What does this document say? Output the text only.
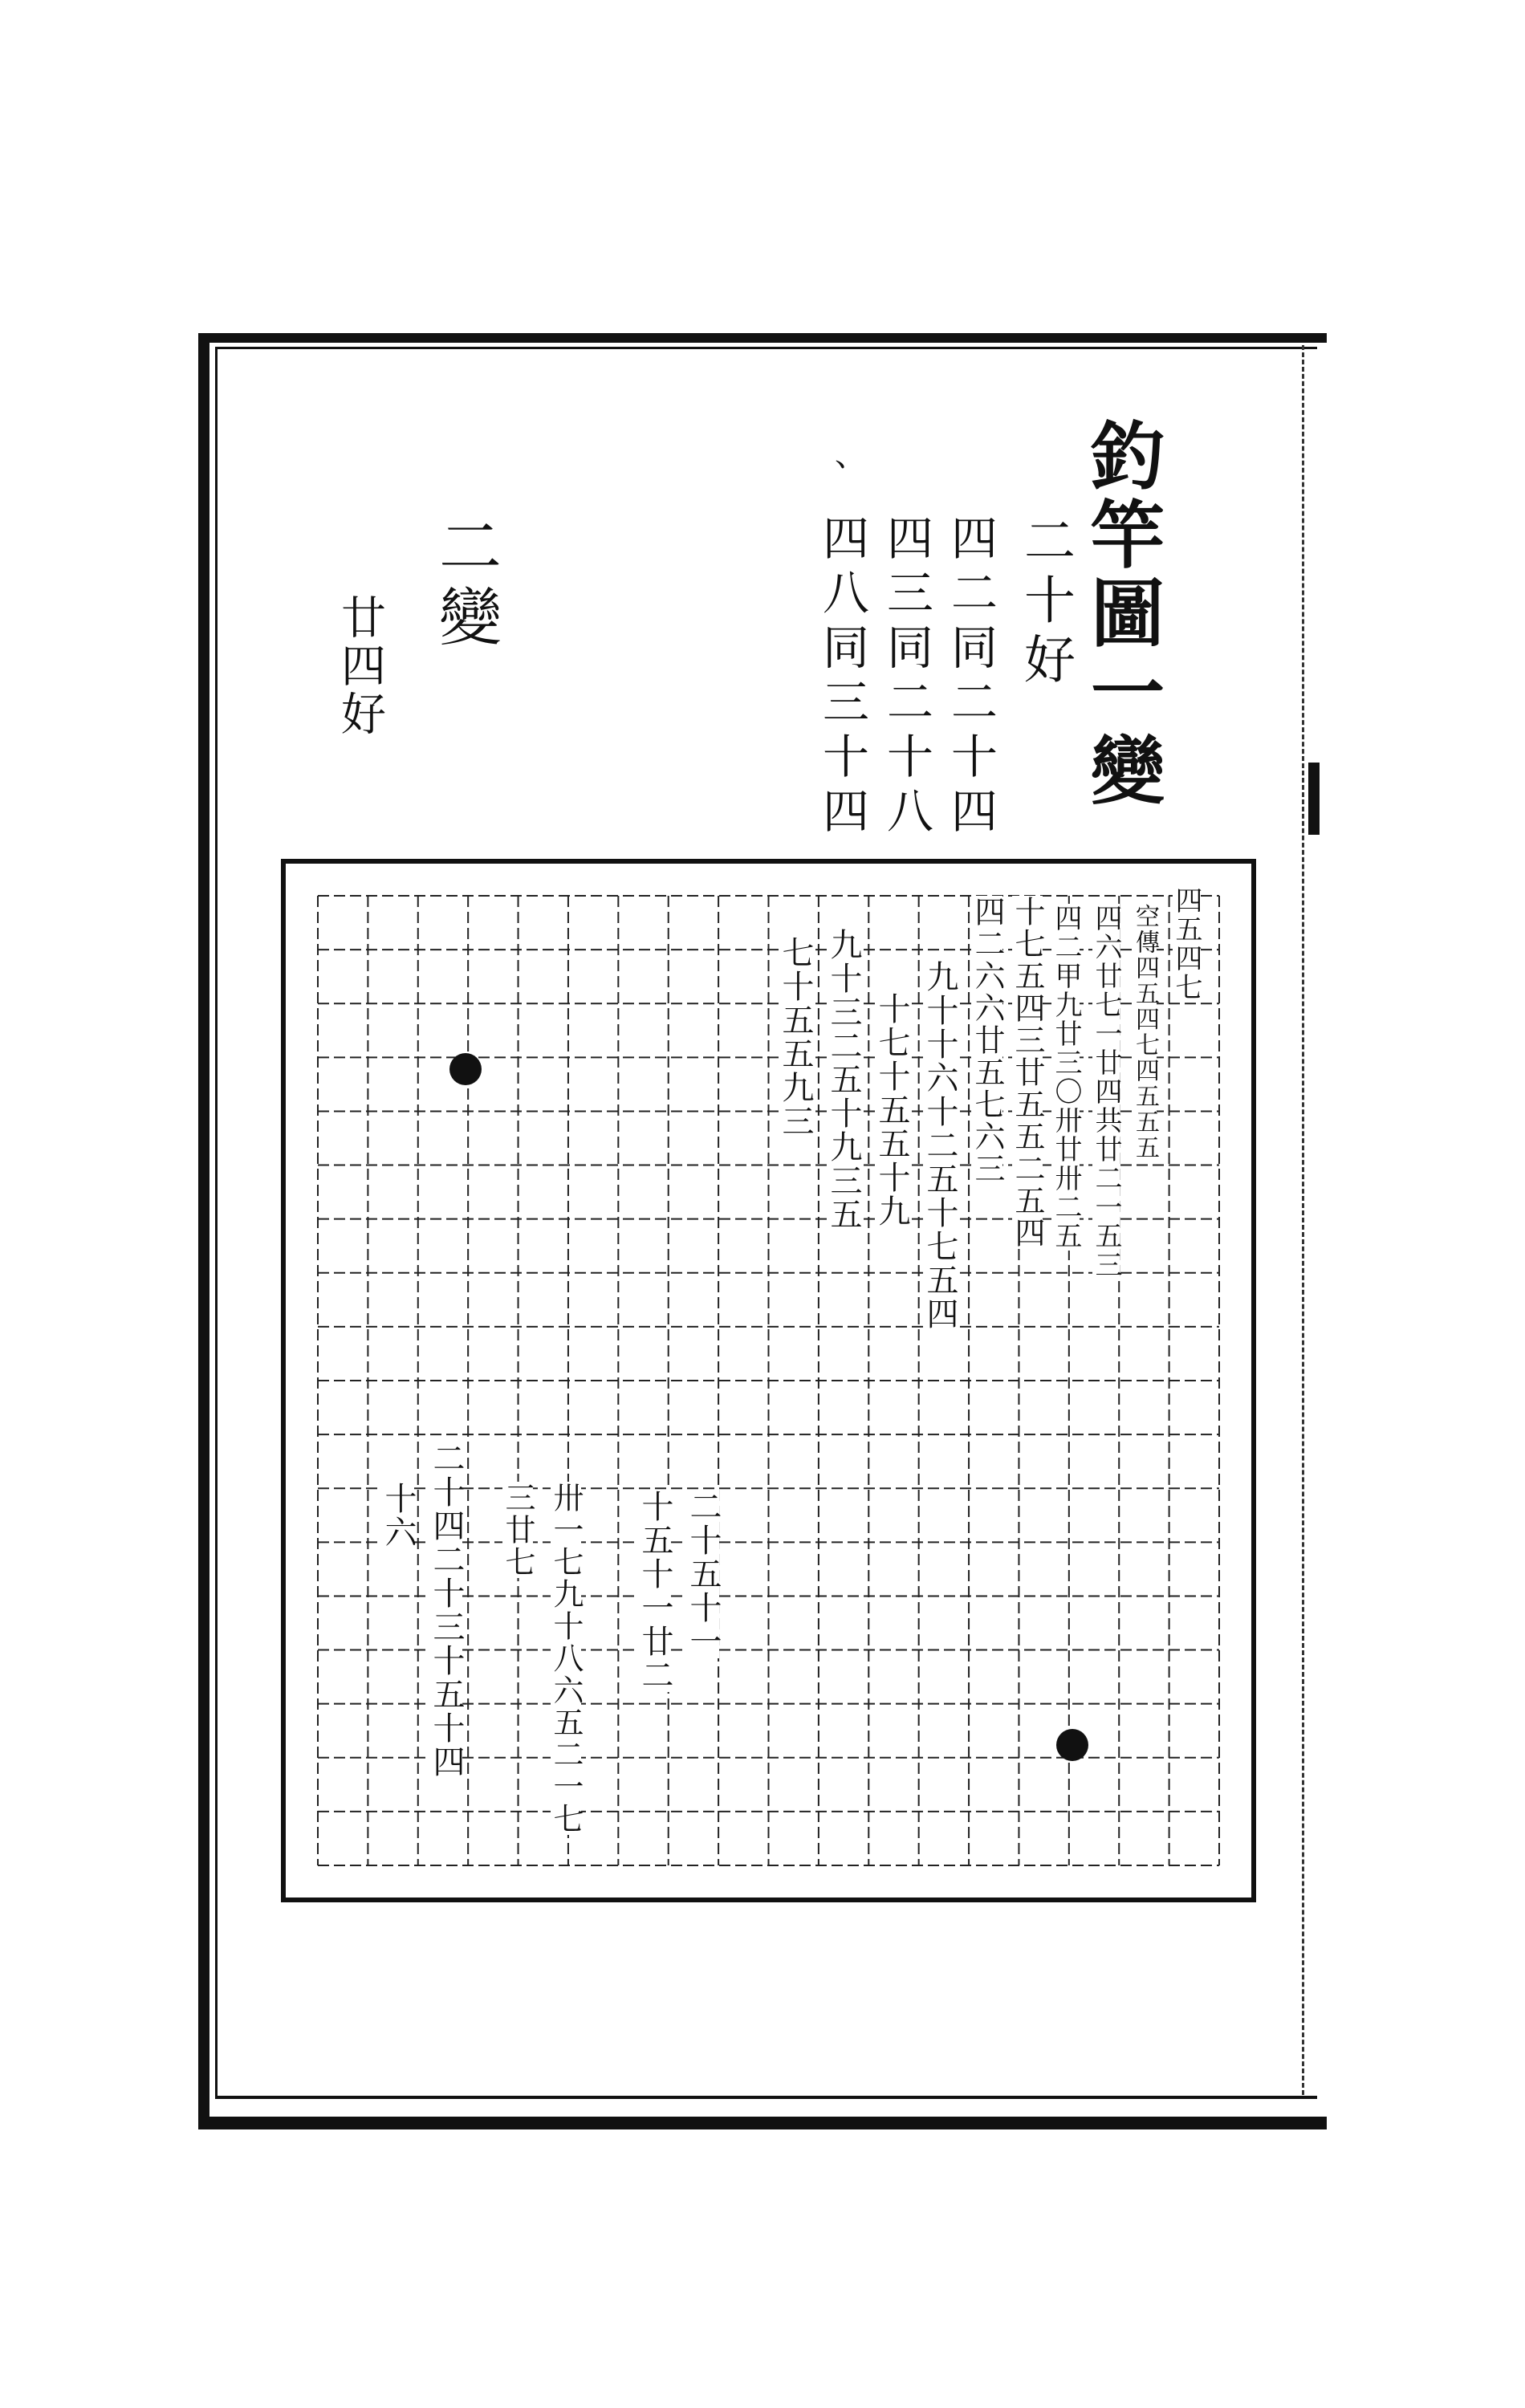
釣竿圖一變
、
二十好
四二同二十四
四三同二十八
四八同三十四
二變
廿四好
四五四七
空傳四五四七四五五五
四六廿七一廿四共廿二一五三
四二甲九廿三〇卅廿卅二五
十七五四三廿五五二五四
四二六六廿五七六三
九十十六十二五十七五四
十七十五五十九
九十三二五十九三五
七十五五九三
二十四二十三十五十四
十六	三廿七 卅一七九十八六五二一七 十五十一廿二 二十五十一
